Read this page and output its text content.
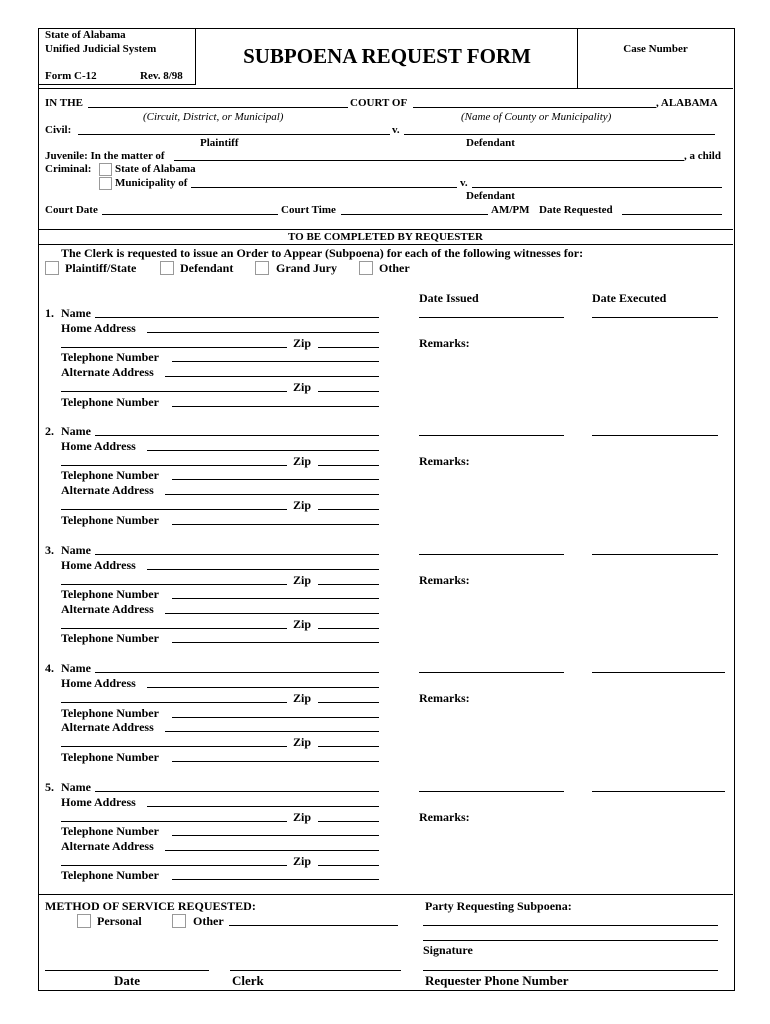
State of Alabama
Unified Judicial System
Form C-12	Rev. 8/98
SUBPOENA REQUEST FORM	Case Number
IN THE	COURT OF	, ALABAMA
(Circuit, District, or Municipal)	(Name of County or Municipality)
Civil:	v.
Plaintiff	Defendant
Juvenile: In the matter of	, a child
Criminal: State of Alabama
Municipality of	v.
Defendant
Court Date	Court Time	AM/PM Date Requested
TO BE COMPLETED BY REQUESTER
The Clerk is requested to issue an Order to Appear (Subpoena) for each of the following witnesses for:
Plaintiff/State	Defendant	Grand Jury	Other
Date Issued	Date Executed
1. Name
Home Address
Zip	Remarks:
Telephone Number
Alternate Address
Zip
Telephone Number
2. Name
Home Address
Zip	Remarks:
Telephone Number
Alternate Address
Zip
Telephone Number
3. Name
Home Address
Zip	Remarks:
Telephone Number
Alternate Address
Zip
Telephone Number
4. Name
Home Address
Zip	Remarks:
Telephone Number
Alternate Address
Zip
Telephone Number
5. Name
Home Address
Zip	Remarks:
Telephone Number
Alternate Address
Zip
Telephone Number
METHOD OF SERVICE REQUESTED:
Personal	Other
Party Requesting Subpoena:
Signature
Date	Clerk	Requester Phone Number
